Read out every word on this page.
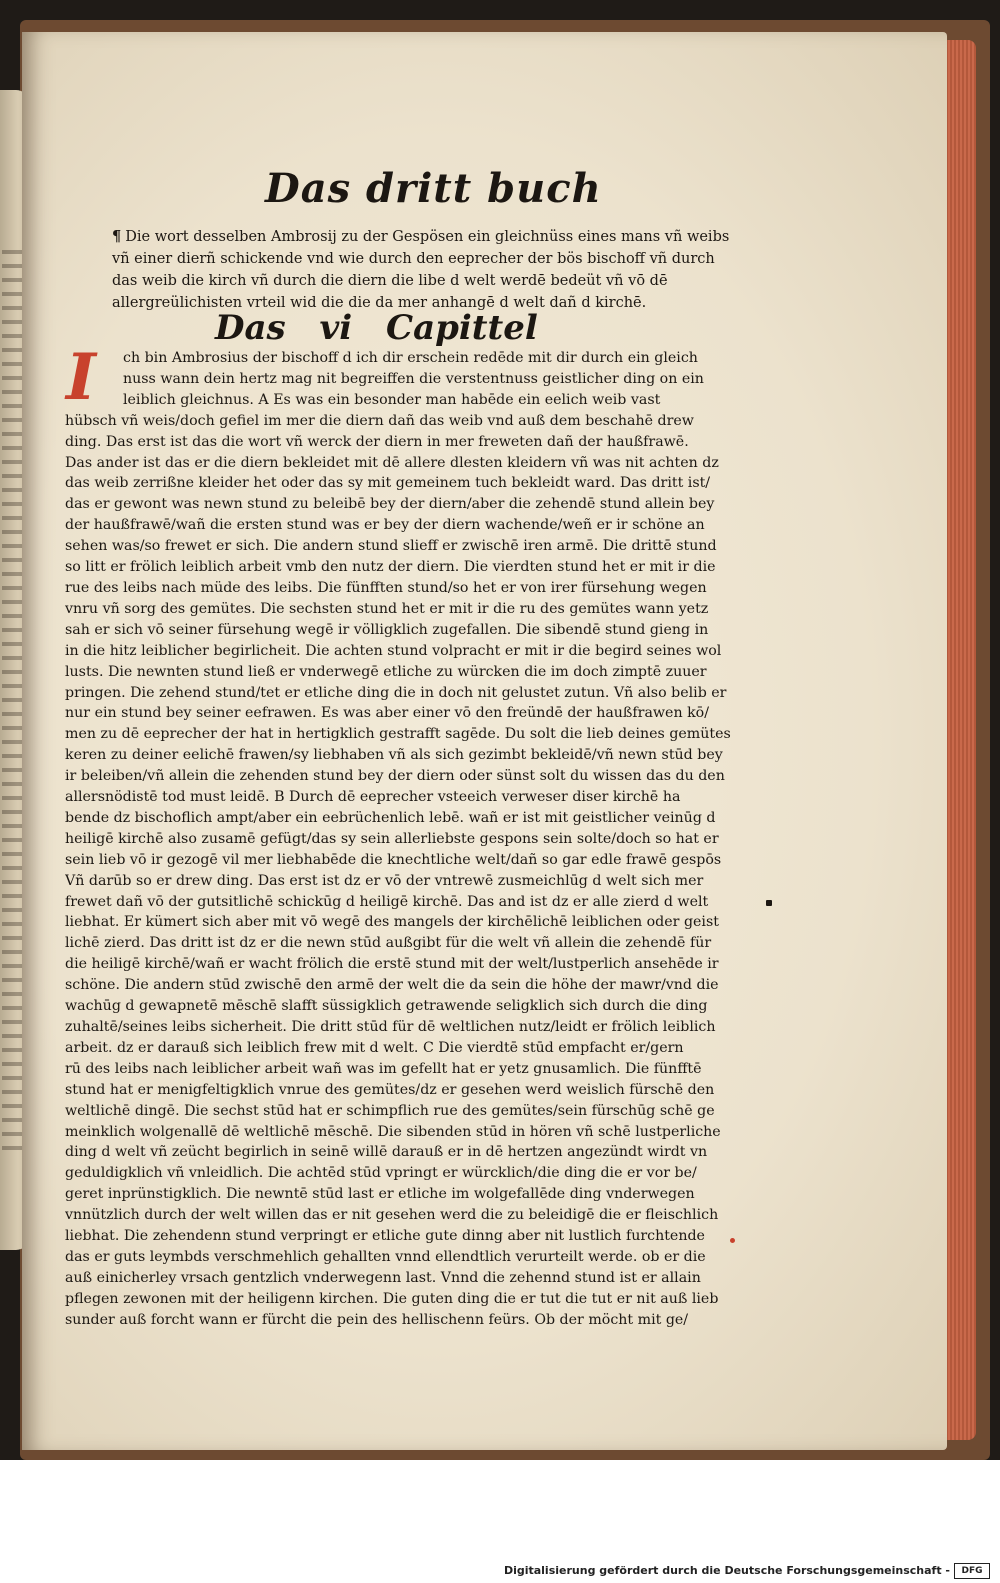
Das dritt buch
¶ Die wort desselben Ambrosij zu der Gespösen ein gleichnüss eines mans vñ weibs vñ einer dierñ schickende vnd wie durch den eeprecher der bös bischoff vñ durch das weib die kirch vñ durch die diern die libe d welt werdē bedeüt vñ vō dē allergreülichisten vrteil wid die die da mer anhangē d welt dañ d kirchē.
Das vi Capittel
I	ch bin Ambrosius der bischoff d ich dir erschein redēde mit dir durch ein gleich
nuss wann dein hertz mag nit begreiffen die verstentnuss geistlicher ding on ein
leiblich gleichnus. A Es was ein besonder man habēde ein eelich weib vast
hübsch vñ weis/doch gefiel im mer die diern dañ das weib vnd auß dem beschahē drew
ding. Das erst ist das die wort vñ werck der diern in mer freweten dañ der haußfrawē.
Das ander ist das er die diern bekleidet mit dē allere dlesten kleidern vñ was nit achten dz
das weib zerrißne kleider het oder das sy mit gemeinem tuch bekleidt ward. Das dritt ist/
das er gewont was newn stund zu beleibē bey der diern/aber die zehendē stund allein bey
der haußfrawē/wañ die ersten stund was er bey der diern wachende/weñ er ir schöne an
sehen was/so frewet er sich. Die andern stund slieff er zwischē iren armē. Die drittē stund
so litt er frölich leiblich arbeit vmb den nutz der diern. Die vierdten stund het er mit ir die
rue des leibs nach müde des leibs. Die fünfften stund/so het er von irer fürsehung wegen
vnru vñ sorg des gemütes. Die sechsten stund het er mit ir die ru des gemütes wann yetz
sah er sich vō seiner fürsehung wegē ir völligklich zugefallen. Die sibendē stund gieng in
in die hitz leiblicher begirlicheit. Die achten stund volpracht er mit ir die begird seines wol
lusts. Die newnten stund ließ er vnderwegē etliche zu würcken die im doch zimptē zuuer
pringen. Die zehend stund/tet er etliche ding die in doch nit gelustet zutun. Vñ also belib er
nur ein stund bey seiner eefrawen. Es was aber einer vō den freündē der haußfrawen kō/
men zu dē eeprecher der hat in hertigklich gestrafft sagēde. Du solt die lieb deines gemütes
keren zu deiner eelichē frawen/sy liebhaben vñ als sich gezimbt bekleidē/vñ newn stūd bey
ir beleiben/vñ allein die zehenden stund bey der diern oder sünst solt du wissen das du den
allersnödistē tod must leidē. B Durch dē eeprecher vsteeich verweser diser kirchē ha
bende dz bischoflich ampt/aber ein eebrüchenlich lebē. wañ er ist mit geistlicher veinūg d
heiligē kirchē also zusamē gefügt/das sy sein allerliebste gespons sein solte/doch so hat er
sein lieb vō ir gezogē vil mer liebhabēde die knechtliche welt/dañ so gar edle frawē gespōs
Vñ darūb so er drew ding. Das erst ist dz er vō der vntrewē zusmeichlūg d welt sich mer
frewet dañ vō der gutsitlichē schickūg d heiligē kirchē. Das and ist dz er alle zierd d welt
liebhat. Er kümert sich aber mit vō wegē des mangels der kirchēlichē leiblichen oder geist
lichē zierd. Das dritt ist dz er die newn stūd außgibt für die welt vñ allein die zehendē für
die heiligē kirchē/wañ er wacht frölich die erstē stund mit der welt/lustperlich ansehēde ir
schöne. Die andern stūd zwischē den armē der welt die da sein die höhe der mawr/vnd die
wachūg d gewapnetē mēschē slafft süssigklich getrawende seligklich sich durch die ding
zuhaltē/seines leibs sicherheit. Die dritt stūd für dē weltlichen nutz/leidt er frölich leiblich
arbeit. dz er darauß sich leiblich frew mit d welt. C Die vierdtē stūd empfacht er/gern
rū des leibs nach leiblicher arbeit wañ was im gefellt hat er yetz gnusamlich. Die fünfftē
stund hat er menigfeltigklich vnrue des gemütes/dz er gesehen werd weislich fürschē den
weltlichē dingē. Die sechst stūd hat er schimpflich rue des gemütes/sein fürschūg schē ge
meinklich wolgenallē dē weltlichē mēschē. Die sibenden stūd in hören vñ schē lustperliche
ding d welt vñ zeücht begirlich in seinē willē darauß er in dē hertzen angezündt wirdt vn
geduldigklich vñ vnleidlich. Die achtēd stūd vpringt er würcklich/die ding die er vor be/
geret inprünstigklich. Die newntē stūd last er etliche im wolgefallēde ding vnderwegen
vnnützlich durch der welt willen das er nit gesehen werd die zu beleidigē die er fleischlich
liebhat. Die zehendenn stund verpringt er etliche gute dinng aber nit lustlich furchtende
das er guts leymbds verschmehlich gehallten vnnd ellendtlich verurteilt werde. ob er die
auß einicherley vrsach gentzlich vnderwegenn last. Vnnd die zehennd stund ist er allain
pflegen zewonen mit der heiligenn kirchen. Die guten ding die er tut die tut er nit auß lieb
sunder auß forcht wann er fürcht die pein des hellischenn feürs. Ob der möcht mit ge/
Digitalisierung gefördert durch die Deutsche Forschungsgemeinschaft -	DFG
